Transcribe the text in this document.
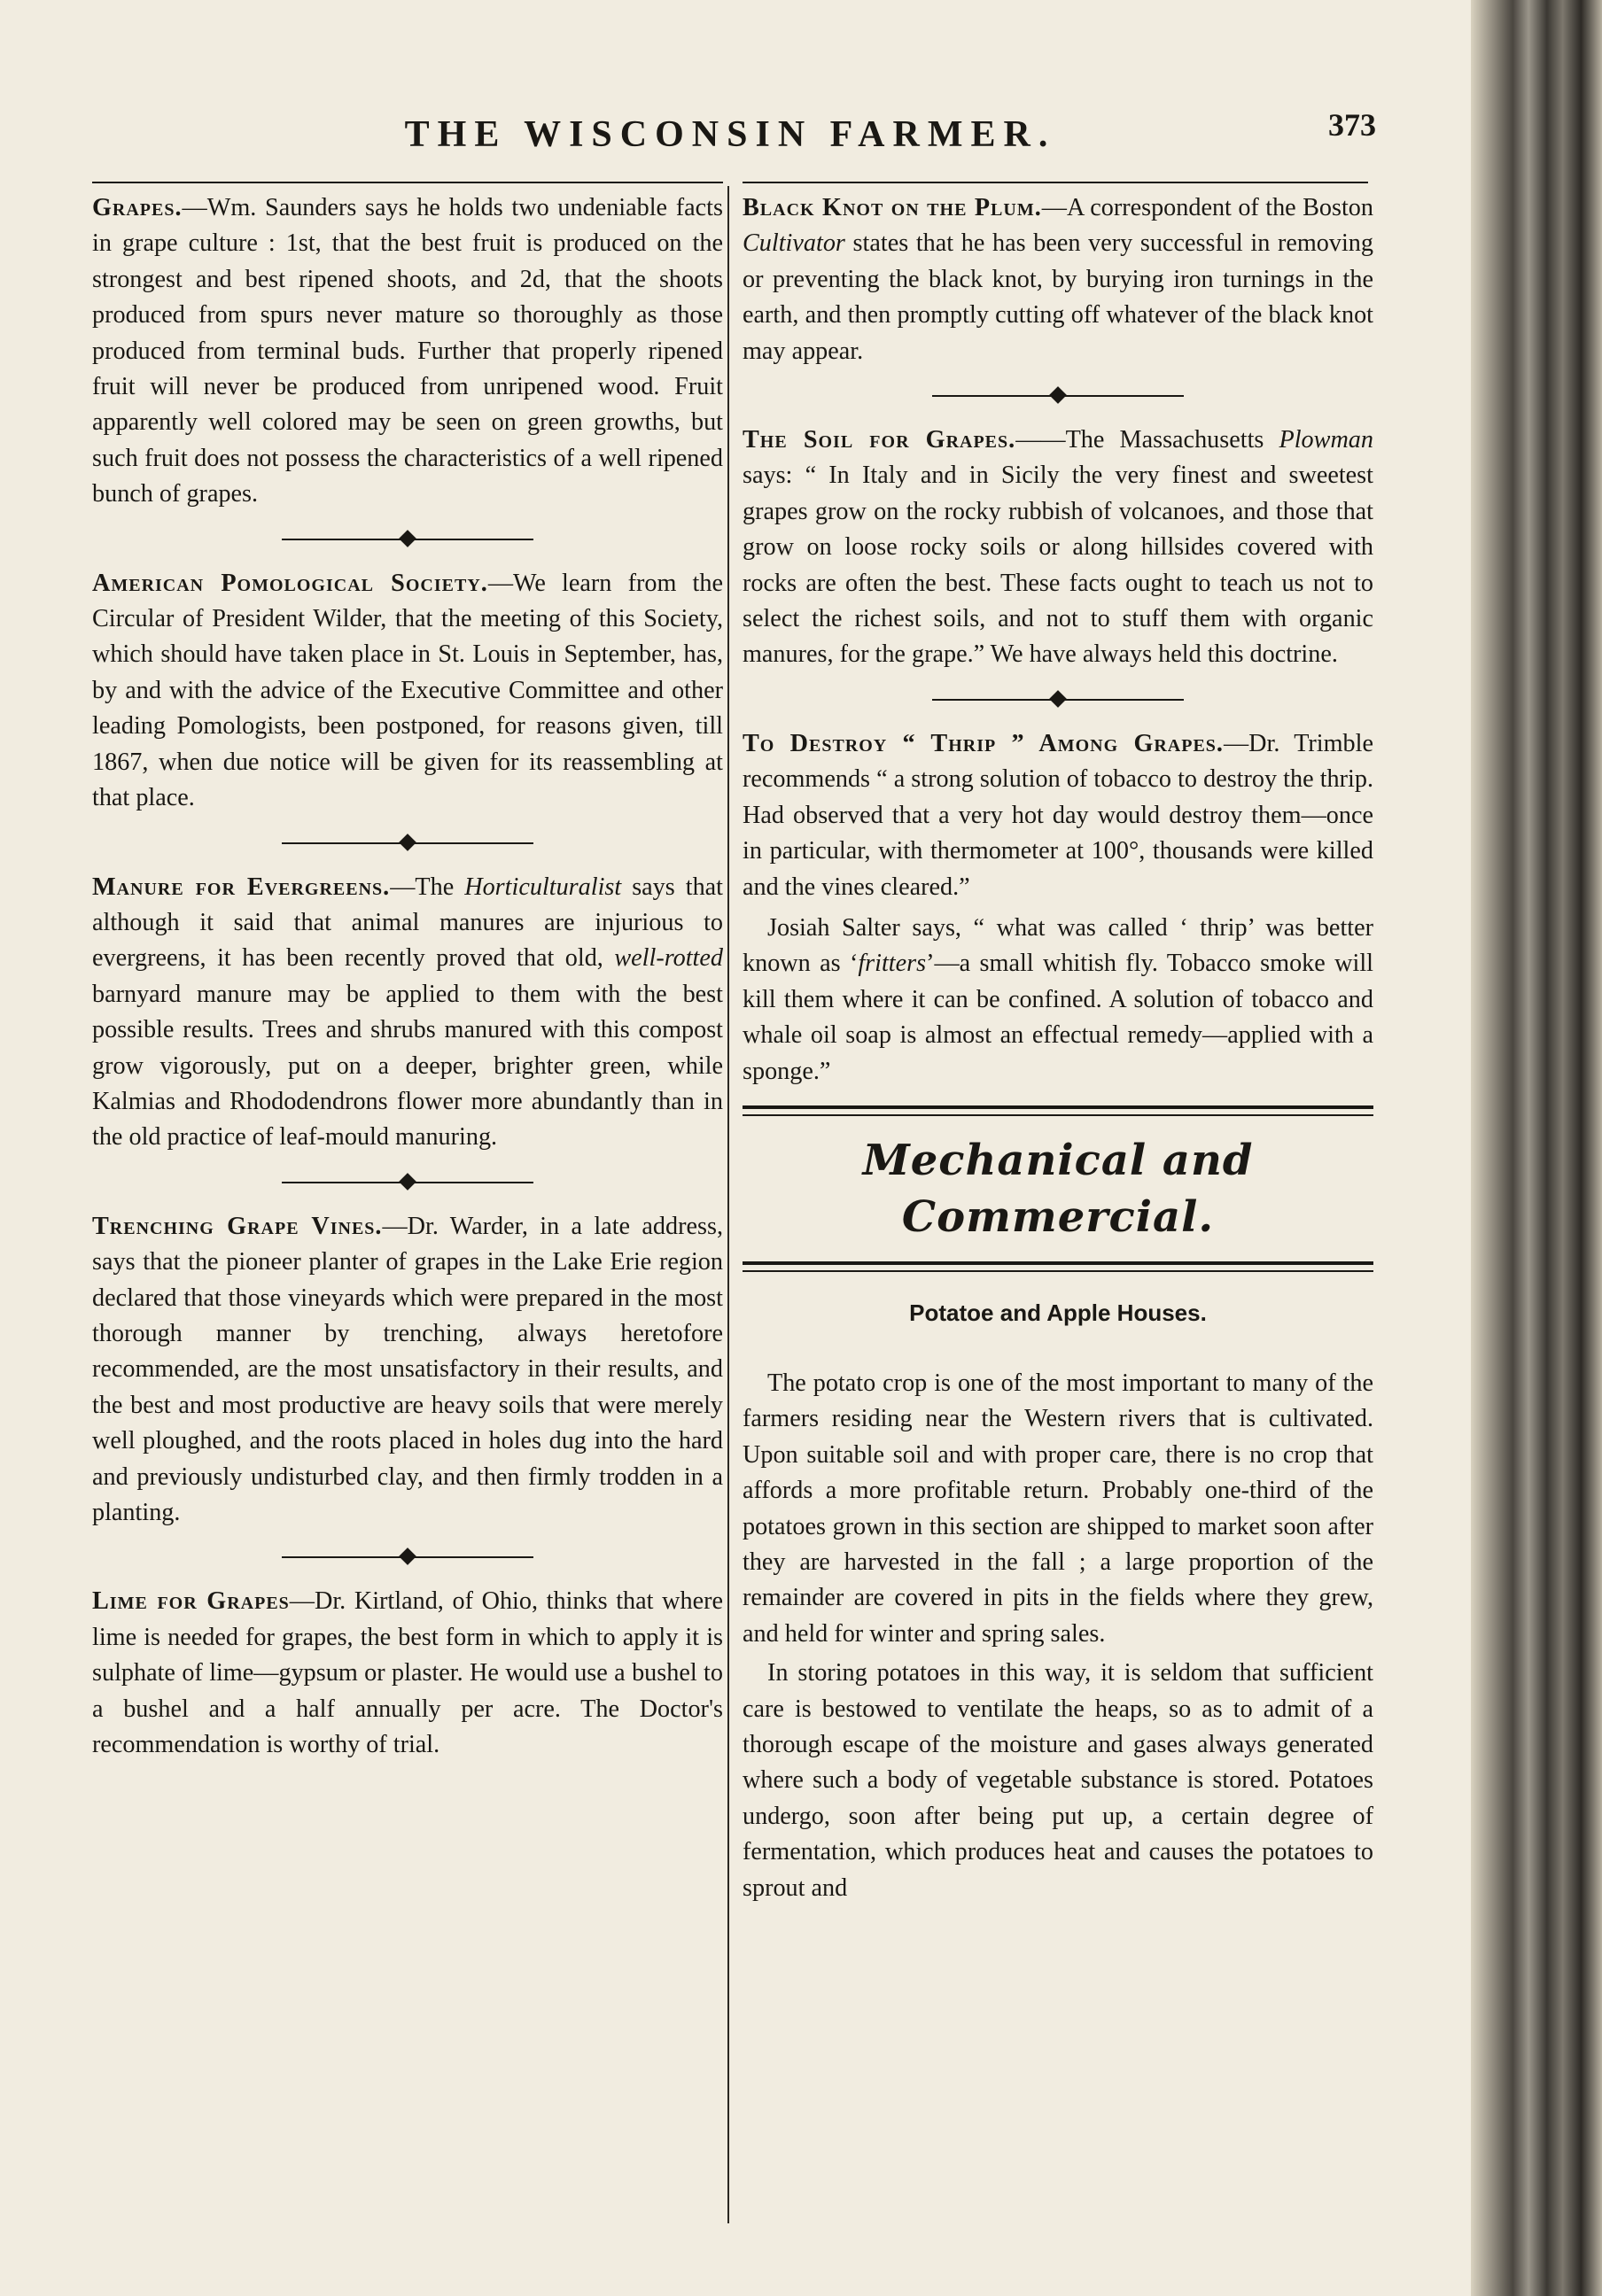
THE WISCONSIN FARMER.	373

Grapes.—Wm. Saunders says he holds two undeniable facts in grape culture : 1st, that the best fruit is produced on the strongest and best ripened shoots, and 2d, that the shoots produced from spurs never mature so thoroughly as those produced from terminal buds. Further that properly ripened fruit will never be produced from unripened wood. Fruit apparently well colored may be seen on green growths, but such fruit does not possess the characteristics of a well ripened bunch of grapes.

American Pomological Society.—We learn from the Circular of President Wilder, that the meeting of this Society, which should have taken place in St. Louis in September, has, by and with the advice of the Executive Committee and other leading Pomologists, been postponed, for reasons given, till 1867, when due notice will be given for its reassembling at that place.

Manure for Evergreens.—The Horticulturalist says that although it said that animal manures are injurious to evergreens, it has been recently proved that old, well-rotted barnyard manure may be applied to them with the best possible results. Trees and shrubs manured with this compost grow vigorously, put on a deeper, brighter green, while Kalmias and Rhododendrons flower more abundantly than in the old practice of leaf-mould manuring.

Trenching Grape Vines.—Dr. Warder, in a late address, says that the pioneer planter of grapes in the Lake Erie region declared that those vineyards which were prepared in the most thorough manner by trenching, always heretofore recommended, are the most unsatisfactory in their results, and the best and most productive are heavy soils that were merely well ploughed, and the roots placed in holes dug into the hard and previously undisturbed clay, and then firmly trodden in a planting.

Lime for Grapes—Dr. Kirtland, of Ohio, thinks that where lime is needed for grapes, the best form in which to apply it is sulphate of lime—gypsum or plaster. He would use a bushel to a bushel and a half annually per acre. The Doctor's recommendation is worthy of trial.

Black Knot on the Plum.—A correspondent of the Boston Cultivator states that he has been very successful in removing or preventing the black knot, by burying iron turnings in the earth, and then promptly cutting off whatever of the black knot may appear.

The Soil for Grapes.——The Massachusetts Plowman says: “ In Italy and in Sicily the very finest and sweetest grapes grow on the rocky rubbish of volcanoes, and those that grow on loose rocky soils or along hillsides covered with rocks are often the best. These facts ought to teach us not to select the richest soils, and not to stuff them with organic manures, for the grape.” We have always held this doctrine.

To Destroy “ Thrip ” Among Grapes.—Dr. Trimble recommends “ a strong solution of tobacco to destroy the thrip. Had observed that a very hot day would destroy them—once in particular, with thermometer at 100°, thousands were killed and the vines cleared.”

Josiah Salter says, “ what was called ‘ thrip’ was better known as ‘fritters’—a small whitish fly. Tobacco smoke will kill them where it can be confined. A solution of tobacco and whale oil soap is almost an effectual remedy—applied with a sponge.”

Mechanical and Commercial.
Potatoe and Apple Houses.

The potato crop is one of the most important to many of the farmers residing near the Western rivers that is cultivated. Upon suitable soil and with proper care, there is no crop that affords a more profitable return. Probably one-third of the potatoes grown in this section are shipped to market soon after they are harvested in the fall ; a large proportion of the remainder are covered in pits in the fields where they grew, and held for winter and spring sales.

In storing potatoes in this way, it is seldom that sufficient care is bestowed to ventilate the heaps, so as to admit of a thorough escape of the moisture and gases always generated where such a body of vegetable substance is stored. Potatoes undergo, soon after being put up, a certain degree of fermentation, which produces heat and causes the potatoes to sprout and
